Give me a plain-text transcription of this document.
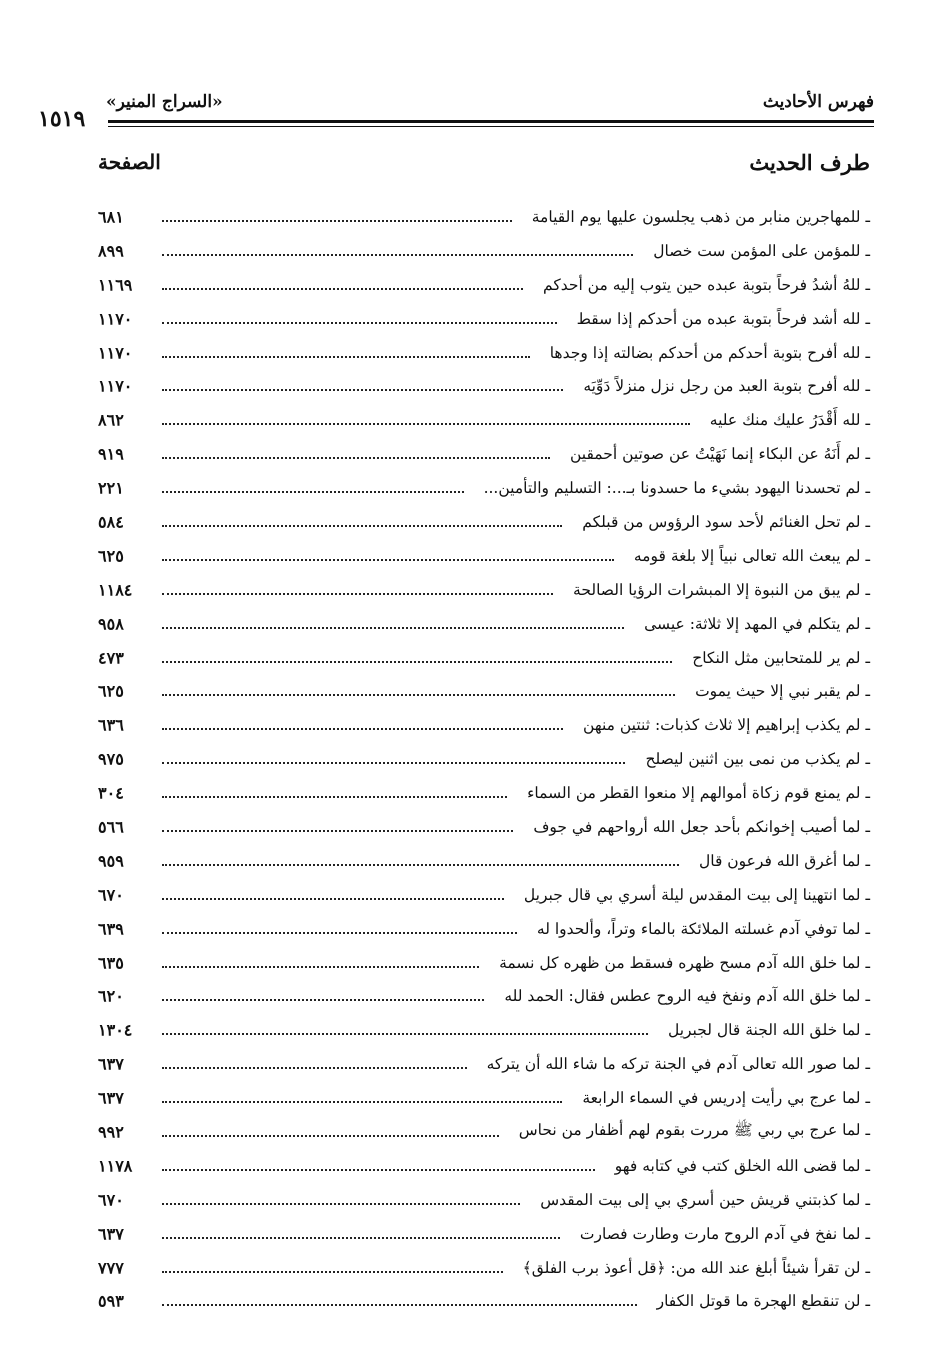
فهرس الأحاديث
«السراج المنير»
١٥١٩
طرف الحديث
الصفحة
ـ للمهاجرين منابر من ذهب يجلسون عليها يوم القيامة
٦٨١
ـ للمؤمن على المؤمن ست خصال
٨٩٩
ـ للهُ أشدُ فرحاً بتوبة عبده حين يتوب إليه من أحدكم
١١٦٩
ـ لله أشد فرحاً بتوبة عبده من أحدكم إذا سقط
١١٧٠
ـ لله أفرح بتوبة أحدكم من أحدكم بضالته إذا وجدها
١١٧٠
ـ لله أفرح بتوبة العبد من رجل نزل منزلاً دَوِّيَه
١١٧٠
ـ لله أَقْدَرُ عليك منك عليه
٨٦٢
ـ لم أَنَهُ عن البكاء إنما نَهَيْتُ عن صوتين أحمقين
٩١٩
ـ لم تحسدنا اليهود بشيء ما حسدونا بـ...: التسليم والتأمين...
٢٢١
ـ لم تحل الغنائم لأحد سود الرؤوس من قبلكم
٥٨٤
ـ لم يبعث الله تعالى نبياً إلا بلغة قومه
٦٢٥
ـ لم يبق من النبوة إلا المبشرات الرؤيا الصالحة
١١٨٤
ـ لم يتكلم في المهد إلا ثلاثة: عيسى
٩٥٨
ـ لم ير للمتحابين مثل النكاح
٤٧٣
ـ لم يقبر نبي إلا حيث يموت
٦٢٥
ـ لم يكذب إبراهيم إلا ثلاث كذبات: ثنتين منهن
٦٣٦
ـ لم يكذب من نمى بين اثنين ليصلح
٩٧٥
ـ لم يمنع قوم زكاة أموالهم إلا منعوا القطر من السماء
٣٠٤
ـ لما أصيب إخوانكم بأحد جعل الله أرواحهم في جوف
٥٦٦
ـ لما أغرق الله فرعون قال
٩٥٩
ـ لما انتهينا إلى بيت المقدس ليلة أسري بي قال جبريل
٦٧٠
ـ لما توفي آدم غسلته الملائكة بالماء وتراً، وألحدوا له
٦٣٩
ـ لما خلق الله آدم مسح ظهره فسقط من ظهره كل نسمة
٦٣٥
ـ لما خلق الله آدم ونفخ فيه الروح عطس فقال: الحمد لله
٦٢٠
ـ لما خلق الله الجنة قال لجبريل
١٣٠٤
ـ لما صور الله تعالى آدم في الجنة تركه ما شاء الله أن يتركه
٦٣٧
ـ لما عرج بي رأيت إدريس في السماء الرابعة
٦٣٧
ـ لما عرج بي ربي ﷺ مررت بقوم لهم أظفار من نحاس
٩٩٢
ـ لما قضى الله الخلق كتب في كتابه فهو
١١٧٨
ـ لما كذبتني قريش حين أسري بي إلى بيت المقدس
٦٧٠
ـ لما نفخ في آدم الروح مارت وطارت فصارت
٦٣٧
ـ لن تقرأ شيئاً أبلغ عند الله من: ﴿قل أعوذ برب الفلق﴾
٧٧٧
ـ لن تنقطع الهجرة ما قوتل الكفار
٥٩٣
